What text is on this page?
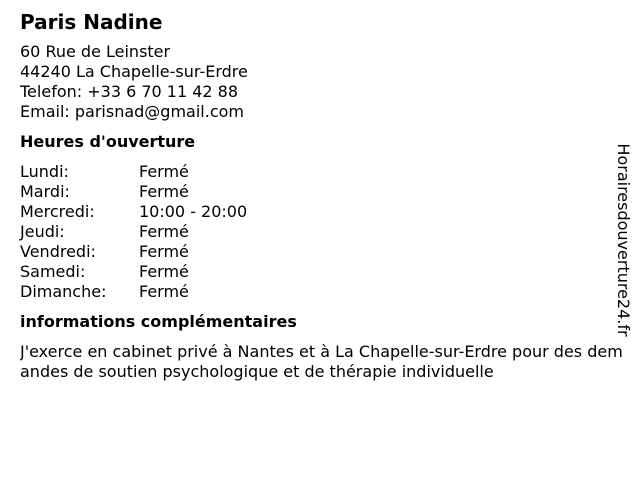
Paris Nadine
60 Rue de Leinster
44240 La Chapelle-sur-Erdre
Telefon: +33 6 70 11 42 88
Email: parisnad@gmail.com
Heures d'ouverture
Lundi:	Fermé
Mardi:	Fermé
Mercredi:	10:00 - 20:00
Jeudi:	Fermé
Vendredi:	Fermé
Samedi:	Fermé
Dimanche:	Fermé
informations complémentaires
J'exerce en cabinet privé à Nantes et à La Chapelle-sur-Erdre pour des demandes de soutien psychologique et de thérapie individuelle
Horairesdouverture24.fr
